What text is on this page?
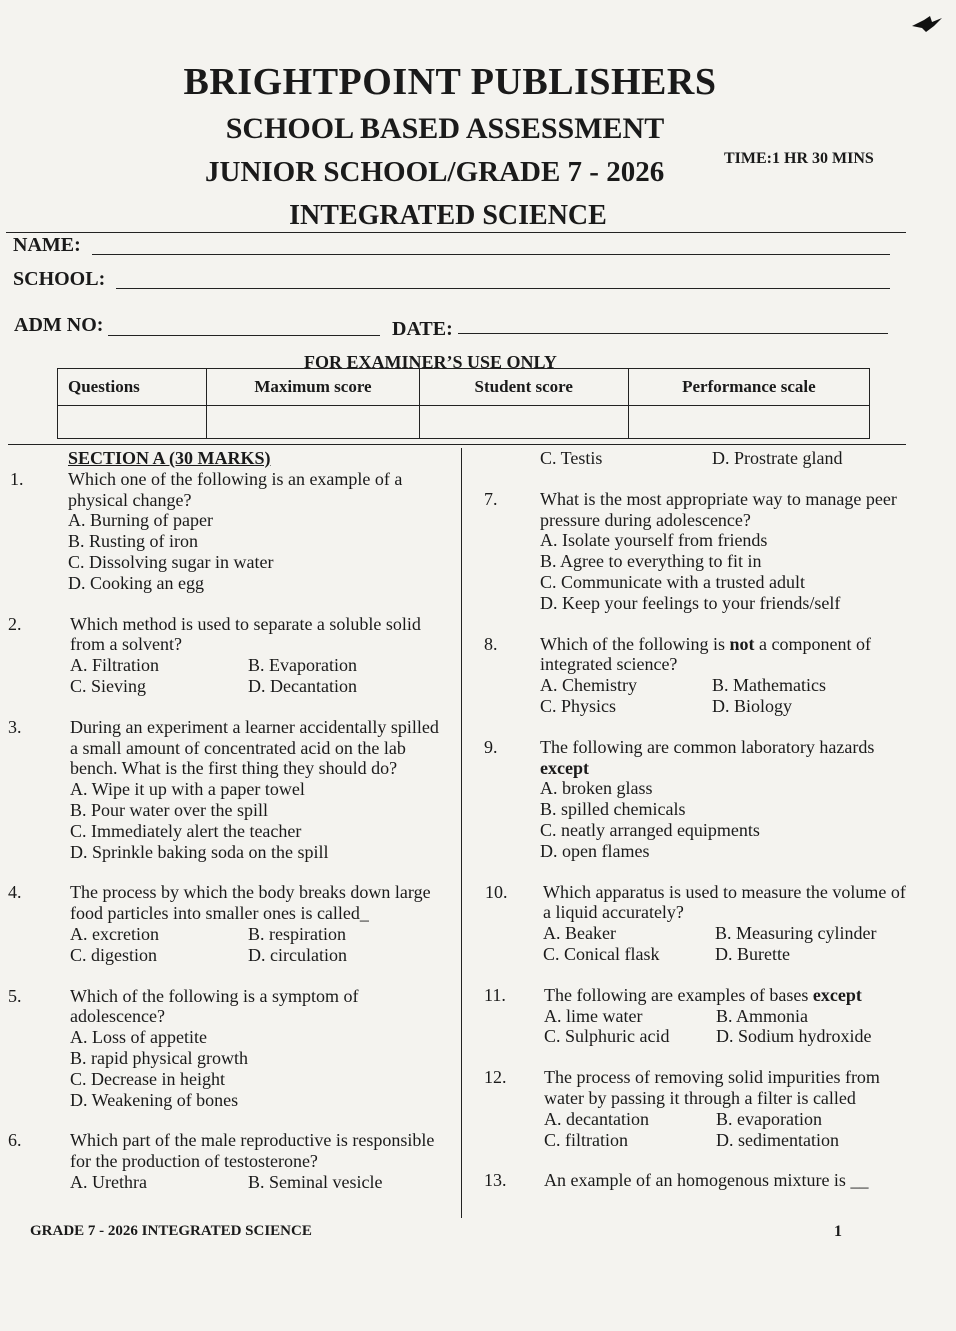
BRIGHTPOINT PUBLISHERS
SCHOOL BASED ASSESSMENT
JUNIOR SCHOOL/GRADE 7 - 2026	TIME:1 HR 30 MINS
INTEGRATED SCIENCE
NAME:
SCHOOL:
ADM NO:	DATE:
FOR EXAMINER’S USE ONLY
Questions	Maximum score	Student score	Performance scale

SECTION A (30 MARKS)
1. Which one of the following is an example of a physical change?
A. Burning of paper
B. Rusting of iron
C. Dissolving sugar in water
D. Cooking an egg
2.	Which method is used to separate a soluble solid from a solvent?
A. Filtration	B. Evaporation
C. Sieving	D. Decantation
3.	During an experiment a learner accidentally spilled a small amount of concentrated acid on the lab bench. What is the first thing they should do?
A. Wipe it up with a paper towel
B. Pour water over the spill
C. Immediately alert the teacher
D. Sprinkle baking soda on the spill
4.	The process by which the body breaks down large food particles into smaller ones is called_
A. excretion	B. respiration
C. digestion	D. circulation
5.	Which of the following is a symptom of adolescence?
A. Loss of appetite
B. rapid physical growth
C. Decrease in height
D. Weakening of bones
6.	Which part of the male reproductive is responsible for the production of testosterone?
A. Urethra	B. Seminal vesicle
C. Testis	D. Prostrate gland
7. What is the most appropriate way to manage peer pressure during adolescence?
A. Isolate yourself from friends
B. Agree to everything to fit in
C. Communicate with a trusted adult
D. Keep your feelings to your friends/self
8. Which of the following is not a component of integrated science?
A. Chemistry	B. Mathematics
C. Physics	D. Biology
9. The following are common laboratory hazards except
A. broken glass
B. spilled chemicals
C. neatly arranged equipments
D. open flames
10. Which apparatus is used to measure the volume of a liquid accurately?
A. Beaker	B. Measuring cylinder
C. Conical flask	D. Burette
11. The following are examples of bases except
A. lime water	B. Ammonia
C. Sulphuric acid	D. Sodium hydroxide
12. The process of removing solid impurities from water by passing it through a filter is called
A. decantation	B. evaporation
C. filtration	D. sedimentation
13. An example of an homogenous mixture is __
GRADE 7 - 2026 INTEGRATED SCIENCE	1
